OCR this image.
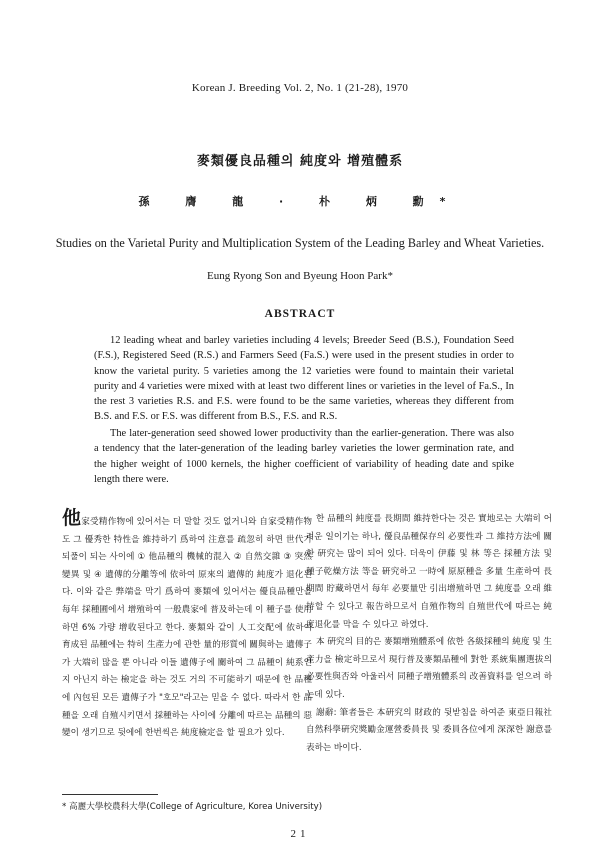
Korean J. Breeding Vol. 2, No. 1 (21-28), 1970
麥類優良品種의 純度와 增殖體系
孫 膺 龍 · 朴 炳 勳*
Studies on the Varietal Purity and Multiplication System of the Leading Barley and Wheat Varieties.
Eung Ryong Son and Byeung Hoon Park*
ABSTRACT
12 leading wheat and barley varieties including 4 levels; Breeder Seed (B.S.), Foundation Seed (F.S.), Registered Seed (R.S.) and Farmers Seed (Fa.S.) were used in the present studies in order to know the varietal purity. 5 varieties among the 12 varieties were found to maintain their varietal purity and 4 varieties were mixed with at least two different lines or varieties in the level of Fa.S., In the rest 3 varieties R.S. and F.S. were found to be the same varieties, whereas they different from B.S. and F.S. or F.S. was different from B.S., F.S. and R.S.
The later-generation seed showed lower productivity than the earlier-generation. There was also a tendency that the later-generation of the leading barley varieties the lower germination rate, and the higher weight of 1000 kernels, the higher coefficient of variability of heading date and spike length there were.

他家受精作物에 있어서는 더 말할 것도 없거니와 自家受精作物도 그 優秀한 特性을 維持하기 爲하여 注意를 疏忽히 하면 世代가 되풀이 되는 사이에 ① 他品種의 機械的混入 ② 自然交雜 ③ 突然變異 및 ④ 遺傳的分離等에 依하여 原來의 遺傳的 純度가 退化된다. 이와 같은 弊端을 막기 爲하여 麥類에 있어서는 優良品種만을 每年 採種圃에서 增殖하여 一般農家에 普及하는데 이 種子를 使用하면 6% 가량 增收된다고 한다. 麥類와 같이 人工交配에 依하여 育成된 品種에는 特히 生產力에 관한 量的形質에 關與하는 遺傳子가 大端히 많을 뿐 아니라 이들 遺傳子에 關하여 그 品種이 純系인지 아닌지 하는 檢定을 하는 것도 거의 不可能하기 때문에 한 品種에 內包된 모든 遺傳子가 "호모"라고는 믿을 수 없다. 따라서 한 品種을 오래 自殖시키면서 採種하는 사이에 分離에 따르는 品種의 惡變이 생기므로 뒷에에 한번씩은 純度檢定을 할 필요가 있다.

한 品種의 純度를 長期間 維持한다는 것은 實地로는 大端히 어려운 일이기는 하나, 優良品種保存의 必要性과 그 維持方法에 關한 硏究는 많이 되어 있다. 더욱이 伊藤 및 林 等은 採種方法 및 種子乾燥方法 等을 硏究하고 一時에 原原種을 多量 生產하여 長期間 貯藏하면서 每年 必要量만 引出增殖하면 그 純度를 오래 維持할 수 있다고 報告하므로서 自殖作物의 自殖世代에 따르는 純度退化를 막을 수 있다고 하였다.

本 硏究의 目的은 麥類增殖體系에 依한 各級採種의 純度 및 生產力을 檢定하므로서 現行普及麥類品種에 對한 系統集團選拔의 必要性與否와 아울러서 同種子增殖體系의 改善資料를 얻으려 하는데 있다.

謝辭: 筆者들은 本硏究의 財政的 뒷받침을 하여준 東亞日報社 自然科學硏究獎勵金運營委員長 및 委員各位에게 深深한 謝意를 表하는 바이다.

* 高麗大學校農科大學(College of Agriculture, Korea University)
21
